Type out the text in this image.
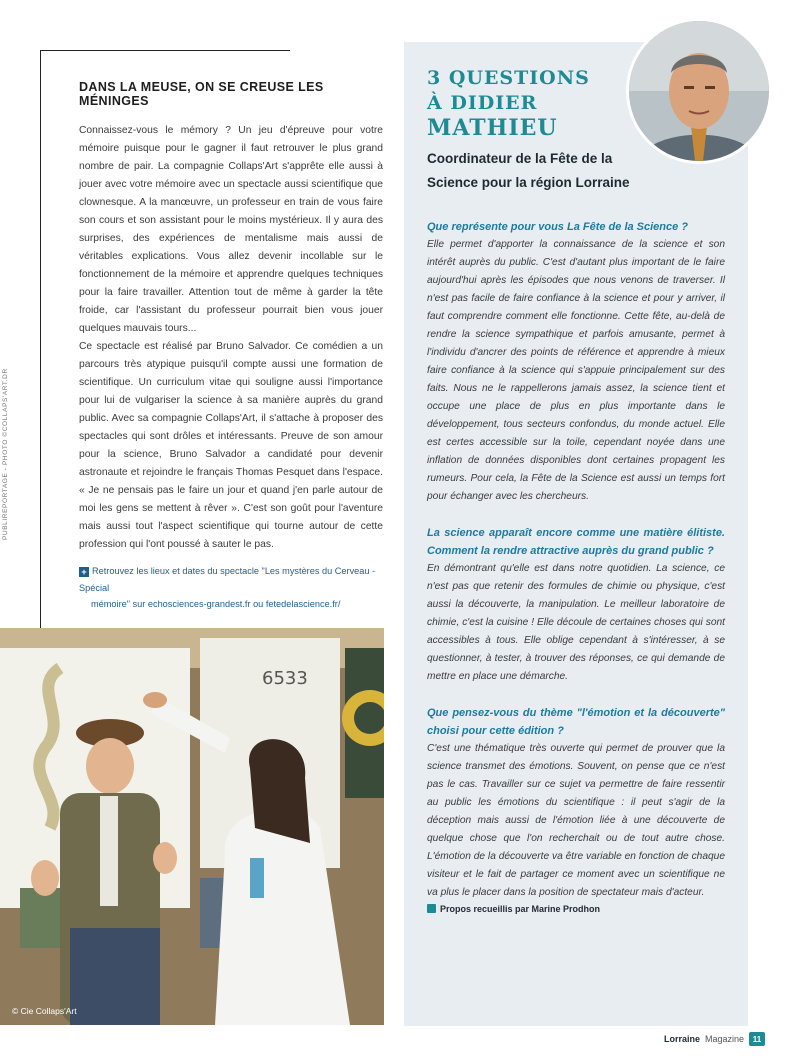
PUBLIREPORTAGE - PHOTO ©COLLAPS'ART.DR
DANS LA MEUSE, ON SE CREUSE LES MÉNINGES

Connaissez-vous le mémory ? Un jeu d'épreuve pour votre mémoire puisque pour le gagner il faut retrouver le plus grand nombre de pair. La compagnie Collaps'Art s'apprête elle aussi à jouer avec votre mémoire avec un spectacle aussi scientifique que clownesque. A la manœuvre, un professeur en train de vous faire son cours et son assistant pour le moins mystérieux. Il y aura des surprises, des expériences de mentalisme mais aussi de véritables explications. Vous allez devenir incollable sur le fonctionnement de la mémoire et apprendre quelques techniques pour la faire travailler. Attention tout de même à garder la tête froide, car l'assistant du professeur pourrait bien vous jouer quelques mauvais tours...

Ce spectacle est réalisé par Bruno Salvador. Ce comédien a un parcours très atypique puisqu'il compte aussi une formation de scientifique. Un curriculum vitae qui souligne aussi l'importance pour lui de vulgariser la science à sa manière auprès du grand public. Avec sa compagnie Collaps'Art, il s'attache à proposer des spectacles qui sont drôles et intéressants. Preuve de son amour pour la science, Bruno Salvador a candidaté pour devenir astronaute et rejoindre le français Thomas Pesquet dans l'espace. « Je ne pensais pas le faire un jour et quand j'en parle autour de moi les gens se mettent à rêver ». C'est son goût pour l'aventure mais aussi tout l'aspect scientifique qui tourne autour de cette profession qui l'ont poussé à sauter le pas.

+ Retrouvez les lieux et dates du spectacle "Les mystères du Cerveau - Spécial
mémoire" sur echosciences-grandest.fr ou fetedelascience.fr/
6533
© Cie Collaps'Art
3 QUESTIONS
À DIDIER
MATHIEU
Coordinateur de la Fête de la Science pour la région Lorraine
Que représente pour vous La Fête de la Science ?
Elle permet d'apporter la connaissance de la science et son intérêt auprès du public. C'est d'autant plus important de le faire aujourd'hui après les épisodes que nous venons de traverser. Il n'est pas facile de faire confiance à la science et pour y arriver, il faut comprendre comment elle fonctionne. Cette fête, au-delà de rendre la science sympathique et parfois amusante, permet à l'individu d'ancrer des points de référence et apprendre à mieux faire confiance à la science qui s'appuie principalement sur des faits. Nous ne le rappellerons jamais assez, la science tient et occupe une place de plus en plus importante dans le développement, tous secteurs confondus, du monde actuel. Elle est certes accessible sur la toile, cependant noyée dans une inflation de données disponibles dont certaines propagent les rumeurs. Pour cela, la Fête de la Science est aussi un temps fort pour échanger avec les chercheurs.
La science apparaît encore comme une matière élitiste. Comment la rendre attractive auprès du grand public ?
En démontrant qu'elle est dans notre quotidien. La science, ce n'est pas que retenir des formules de chimie ou physique, c'est aussi la découverte, la manipulation. Le meilleur laboratoire de chimie, c'est la cuisine ! Elle découle de certaines choses qui sont accessibles à tous. Elle oblige cependant à s'intéresser, à se questionner, à tester, à trouver des réponses, ce qui demande de mettre en place une démarche.
Que pensez-vous du thème "l'émotion et la découverte" choisi pour cette édition ?
C'est une thématique très ouverte qui permet de prouver que la science transmet des émotions. Souvent, on pense que ce n'est pas le cas. Travailler sur ce sujet va permettre de faire ressentir au public les émotions du scientifique : il peut s'agir de la déception mais aussi de l'émotion liée à une découverte de quelque chose que l'on recherchait ou de tout autre chose. L'émotion de la découverte va être variable en fonction de chaque visiteur et le fait de partager ce moment avec un scientifique ne va plus le placer dans la position de spectateur mais d'acteur.
Propos recueillis par Marine Prodhon
Lorraine Magazine	11
